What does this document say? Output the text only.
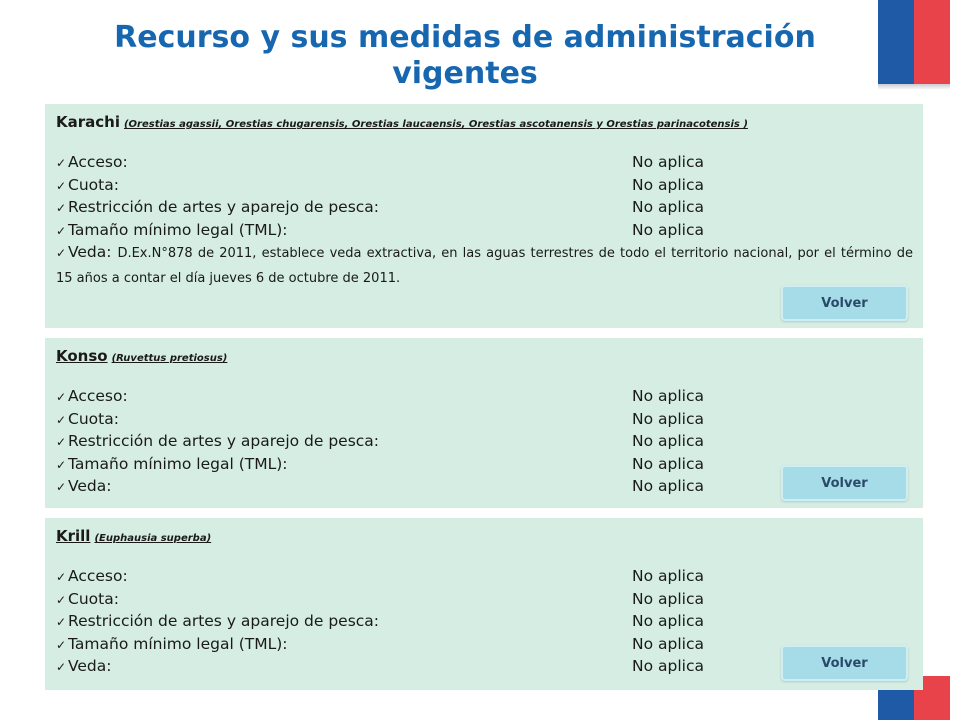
Recurso y sus medidas de administración vigentes
Karachi (Orestias agassii, Orestias chugarensis, Orestias laucaensis, Orestias ascotanensis y Orestias parinacotensis )
✓ Acceso:	No aplica
✓ Cuota:	No aplica
✓ Restricción de artes y aparejo de pesca:	No aplica
✓ Tamaño mínimo legal (TML):	No aplica

✓ Veda: D.Ex.N°878 de 2011, establece veda extractiva, en las aguas terrestres de todo el territorio nacional, por el término de 15 años a contar el día jueves 6 de octubre de 2011.

Volver
Konso (Ruvettus pretiosus)
✓ Acceso:	No aplica
✓ Cuota:	No aplica
✓ Restricción de artes y aparejo de pesca:	No aplica
✓ Tamaño mínimo legal (TML):	No aplica
✓ Veda:	No aplica	Volver
Krill (Euphausia superba)
✓ Acceso:	No aplica
✓ Cuota:	No aplica
✓ Restricción de artes y aparejo de pesca:	No aplica
✓ Tamaño mínimo legal (TML):	No aplica
✓ Veda:	No aplica	Volver
